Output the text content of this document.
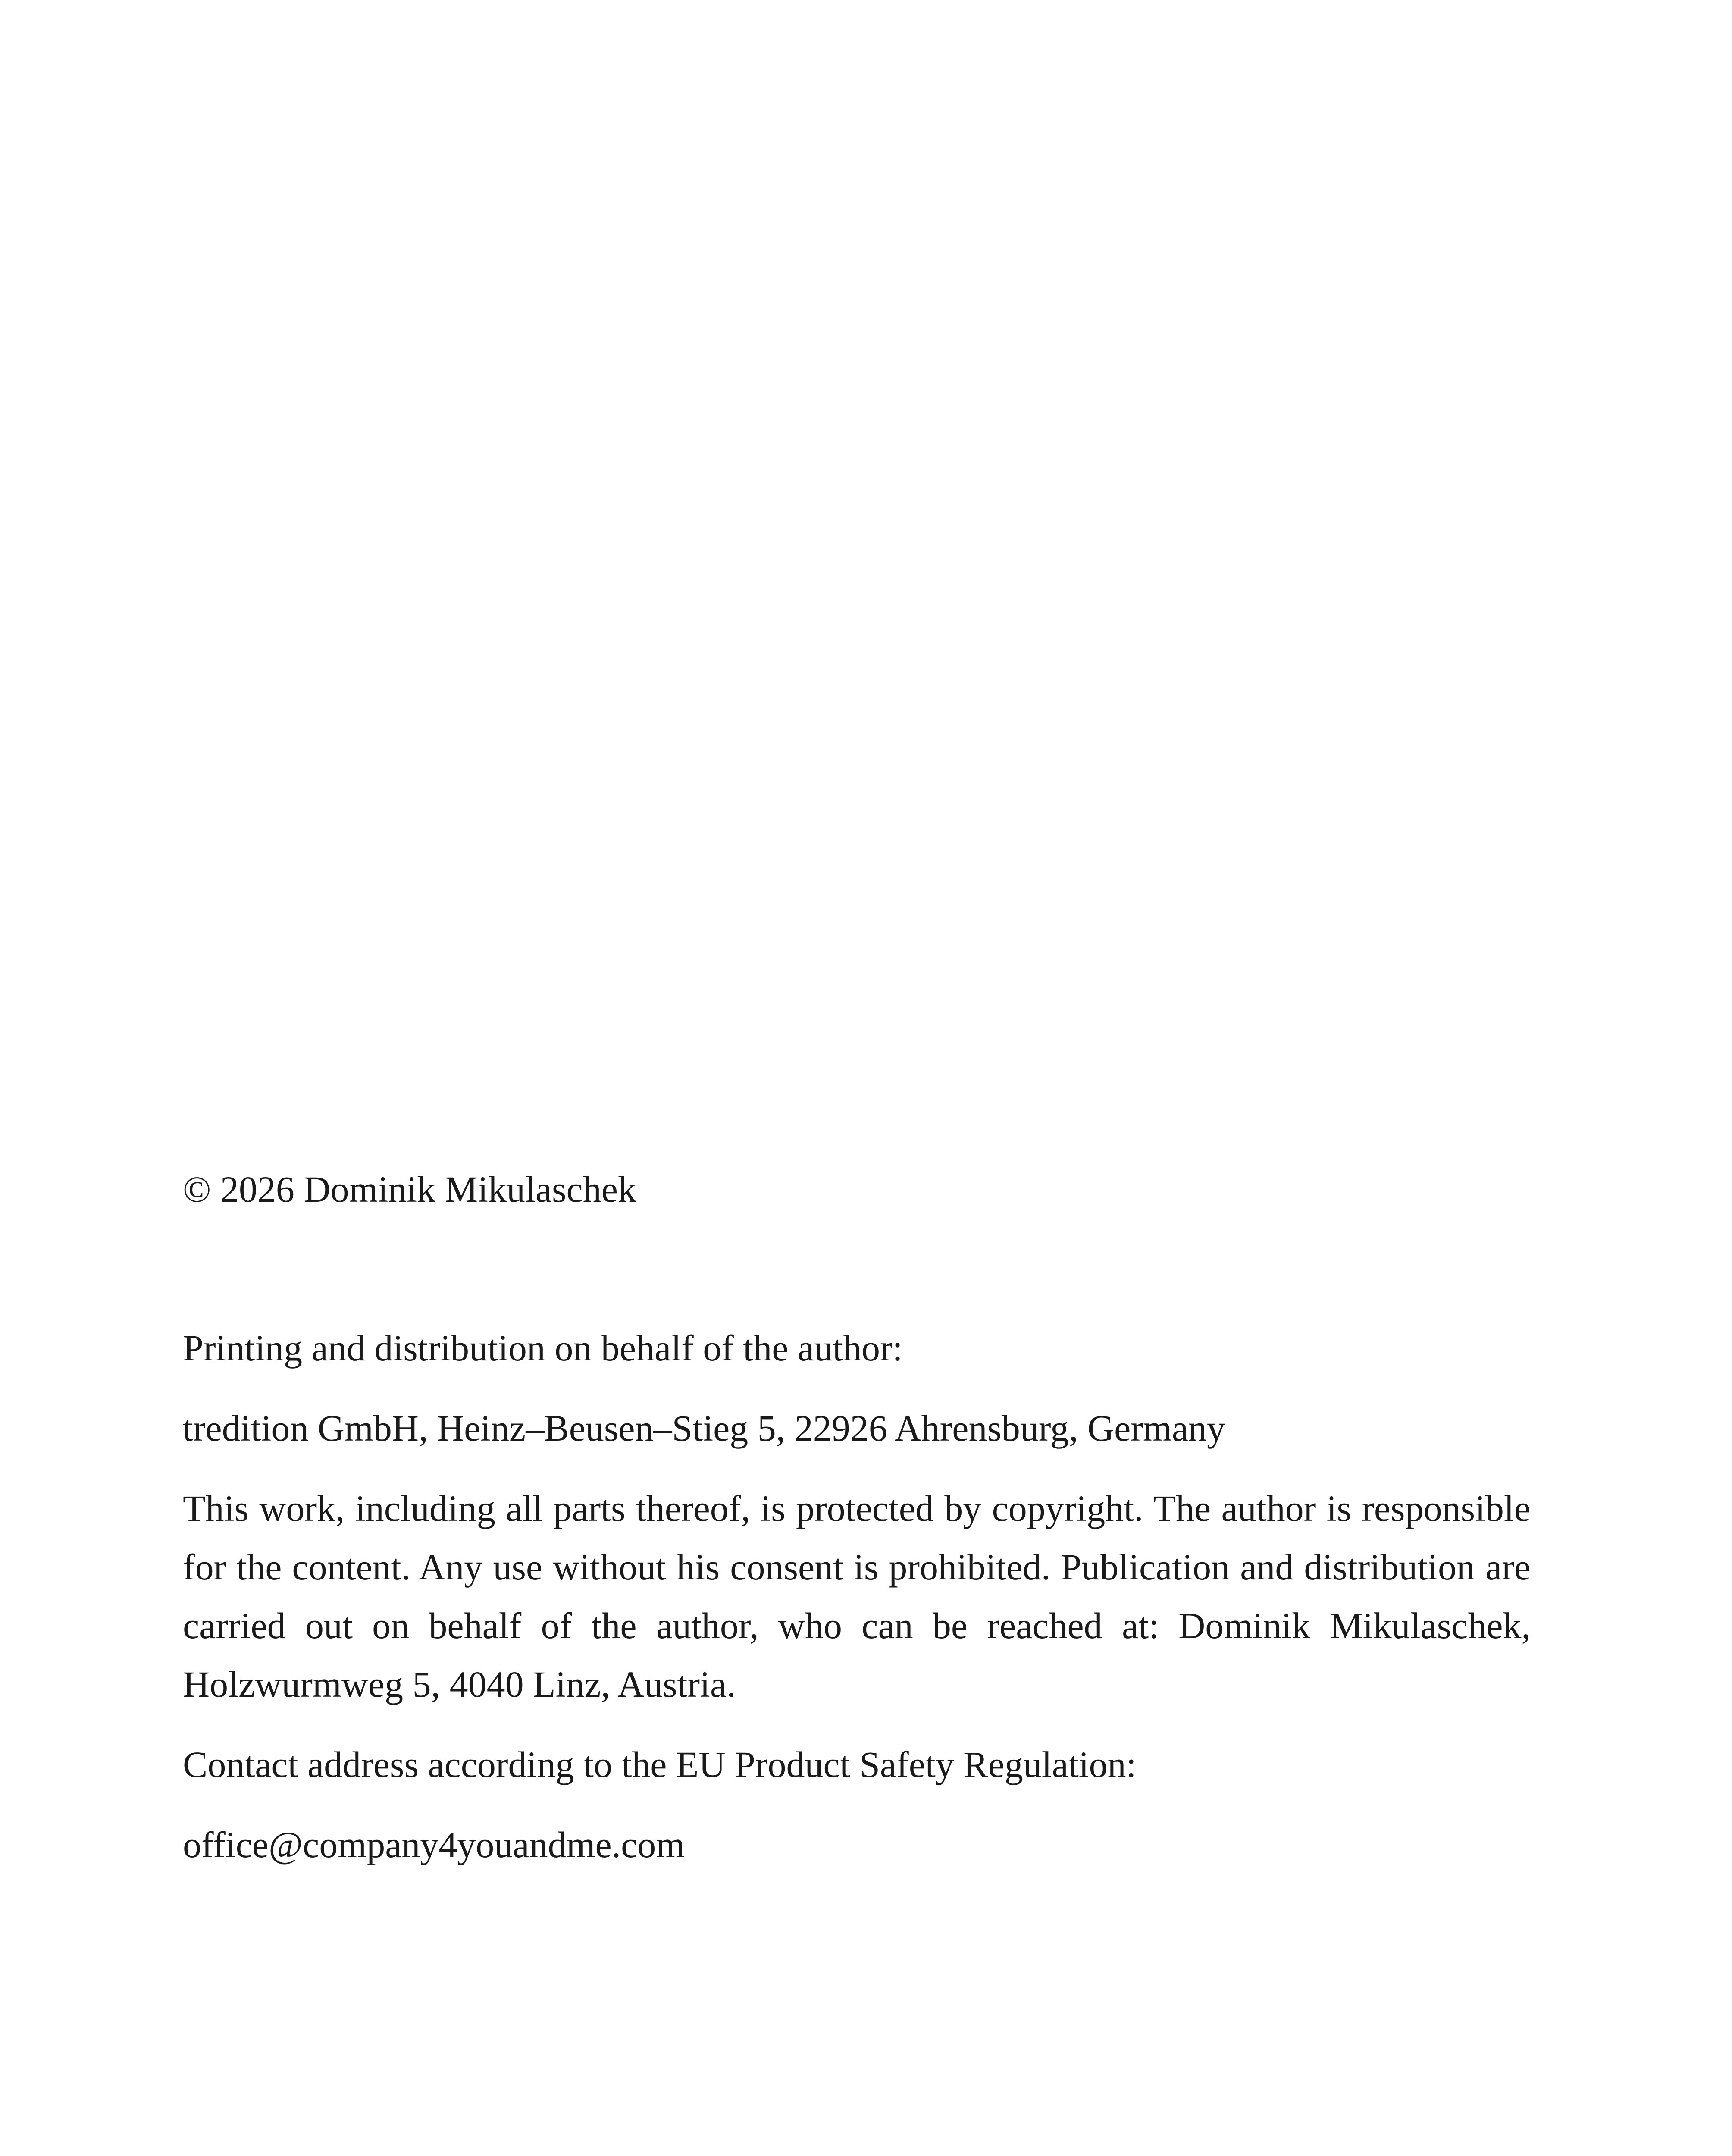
© 2026 Dominik Mikulaschek

Printing and distribution on behalf of the author:

tredition GmbH, Heinz–Beusen–Stieg 5, 22926 Ahrensburg, Germany

This work, including all parts thereof, is protected by copyright. The author is responsible for the content. Any use without his consent is prohibited. Publication and distribution are carried out on behalf of the author, who can be reached at: Dominik Mikulaschek, Holzwurmweg 5, 4040 Linz, Austria.

Contact address according to the EU Product Safety Regulation:

office@company4youandme.com
